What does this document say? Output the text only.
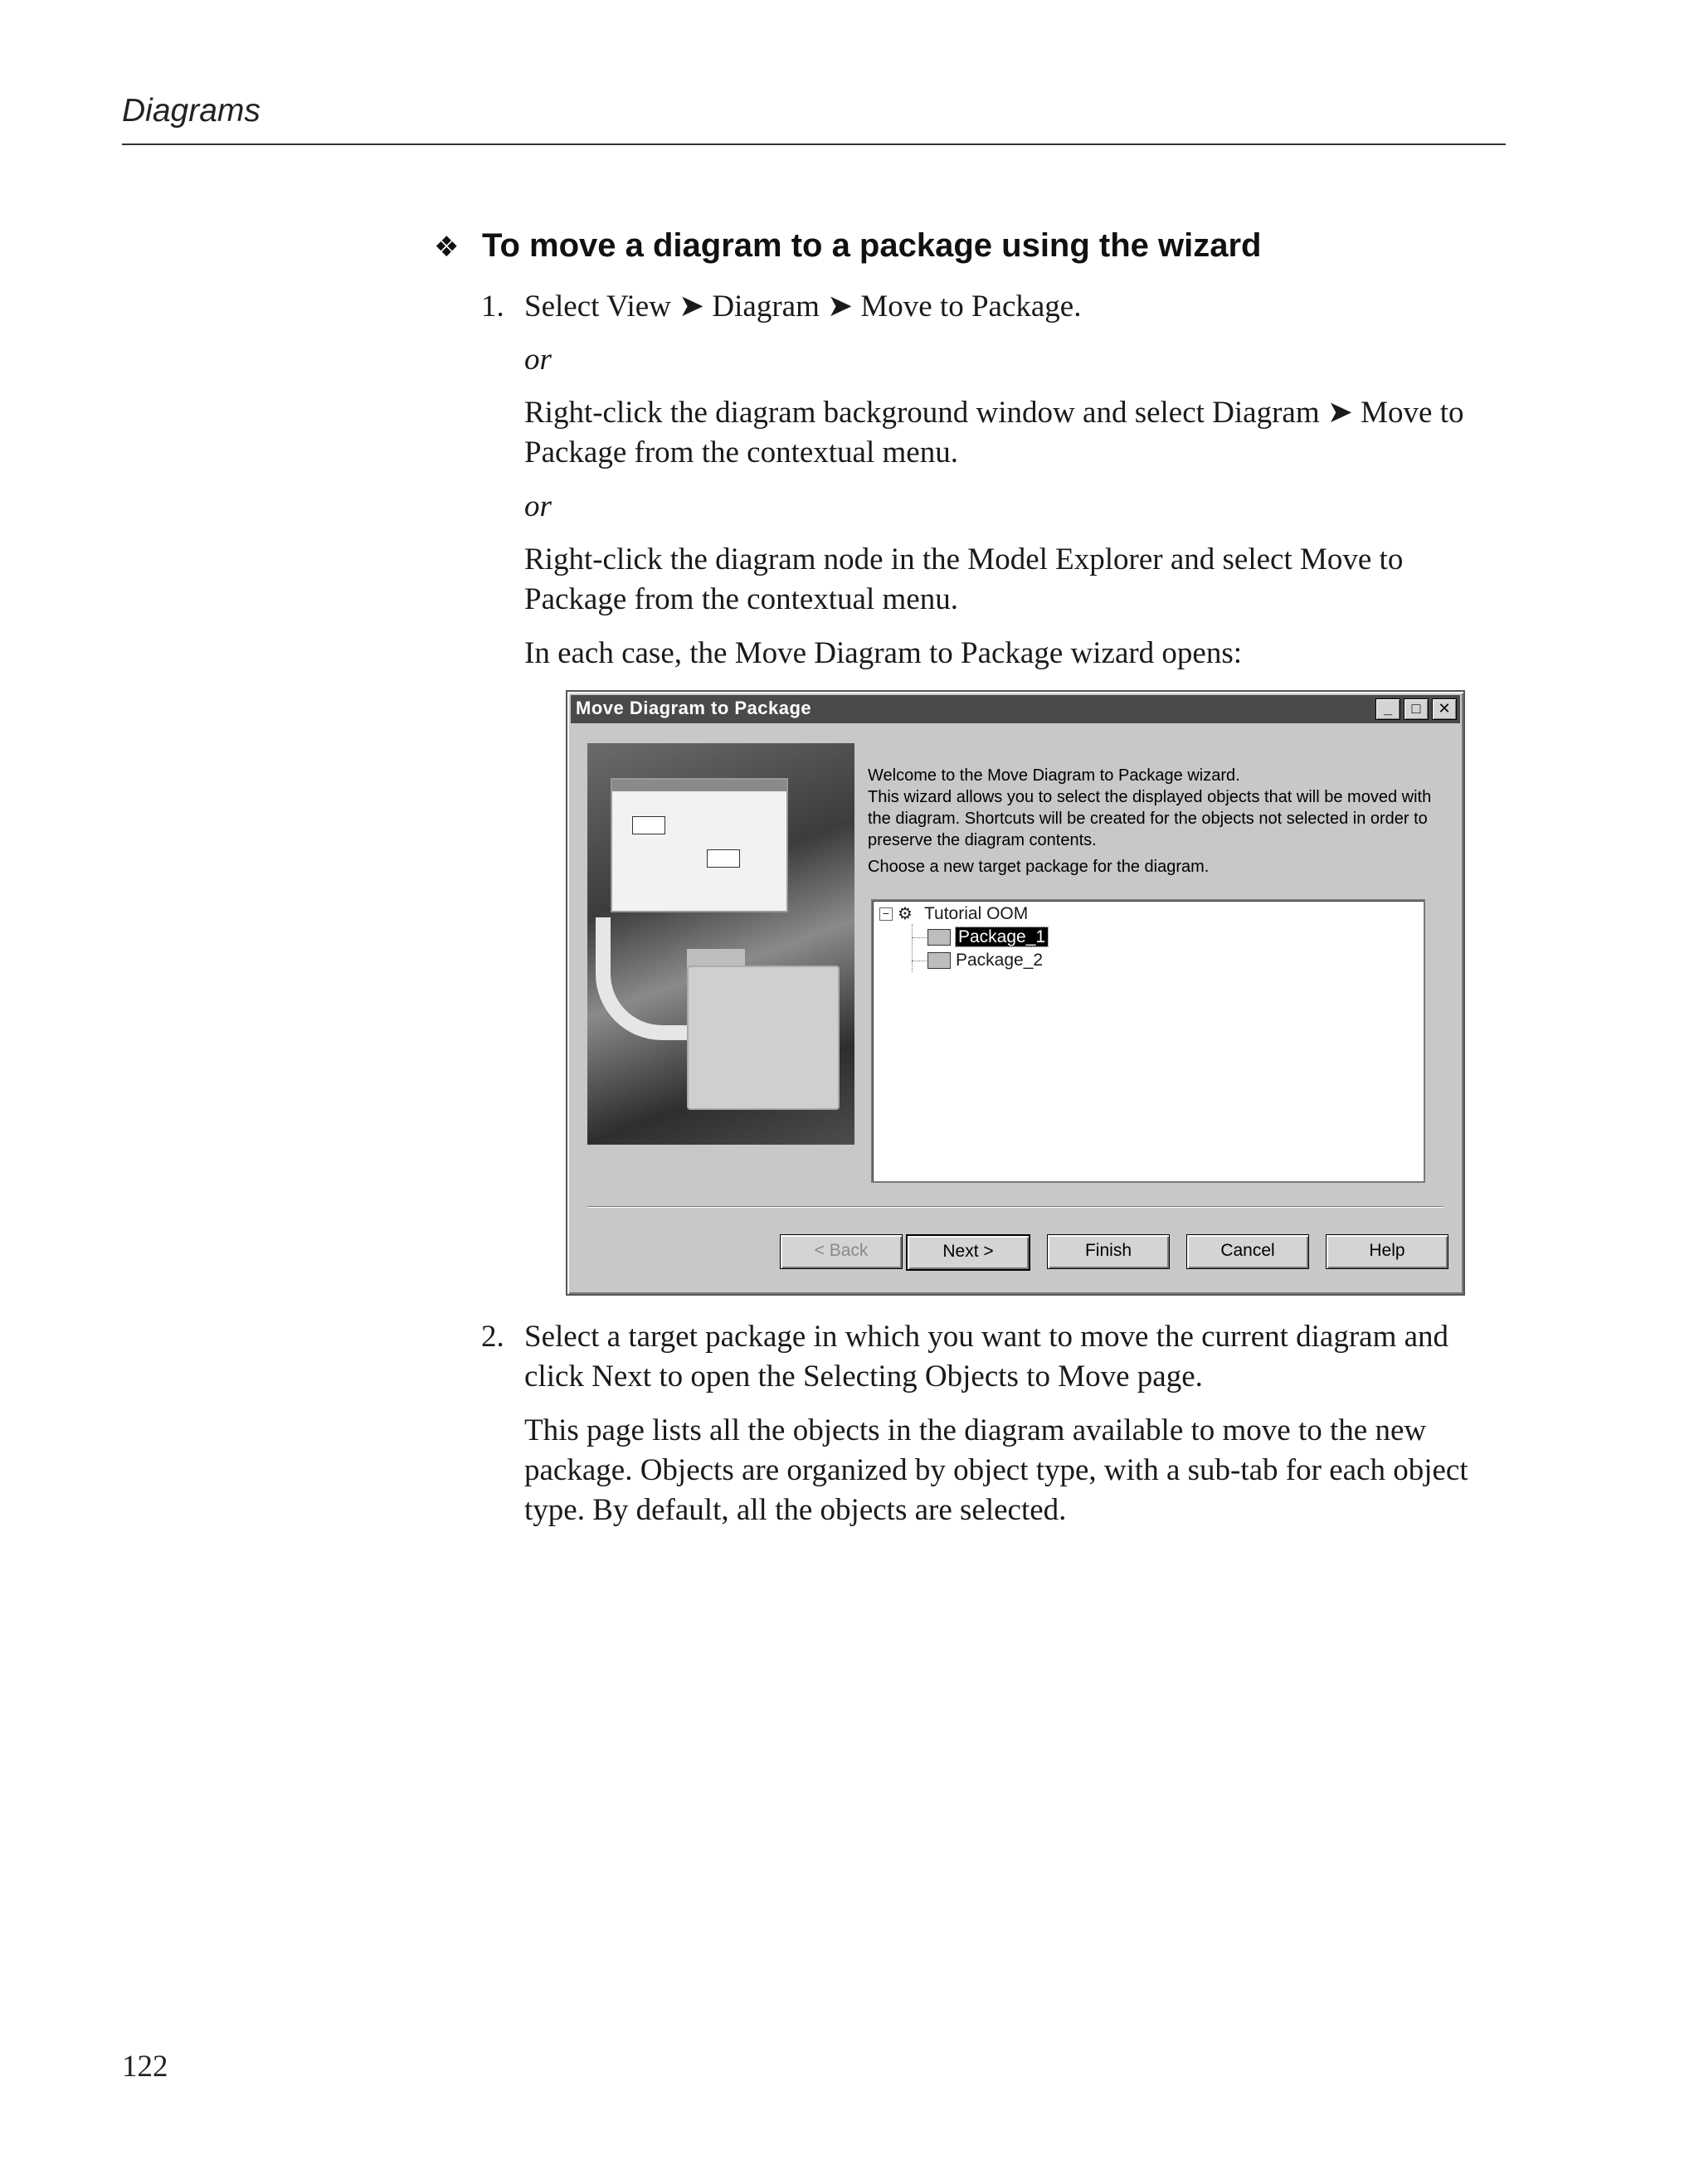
Diagrams
❖ To move a diagram to a package using the wizard
1. Select View ➤ Diagram ➤ Move to Package.
or
Right-click the diagram background window and select Diagram ➤ Move to Package from the contextual menu.
or
Right-click the diagram node in the Model Explorer and select Move to Package from the contextual menu.
In each case, the Move Diagram to Package wizard opens:
Move Diagram to Package	_	□	✕

Welcome to the Move Diagram to Package wizard.

This wizard allows you to select the displayed objects that will be moved with the diagram. Shortcuts will be created for the objects not selected in order to preserve the diagram contents.

Choose a new target package for the diagram.

− ⚙ Tutorial OOM
Package_1
Package_2
< Back	Next >	Finish	Cancel	Help
2. Select a target package in which you want to move the current diagram and click Next to open the Selecting Objects to Move page.
This page lists all the objects in the diagram available to move to the new package. Objects are organized by object type, with a sub-tab for each object type. By default, all the objects are selected.
122
